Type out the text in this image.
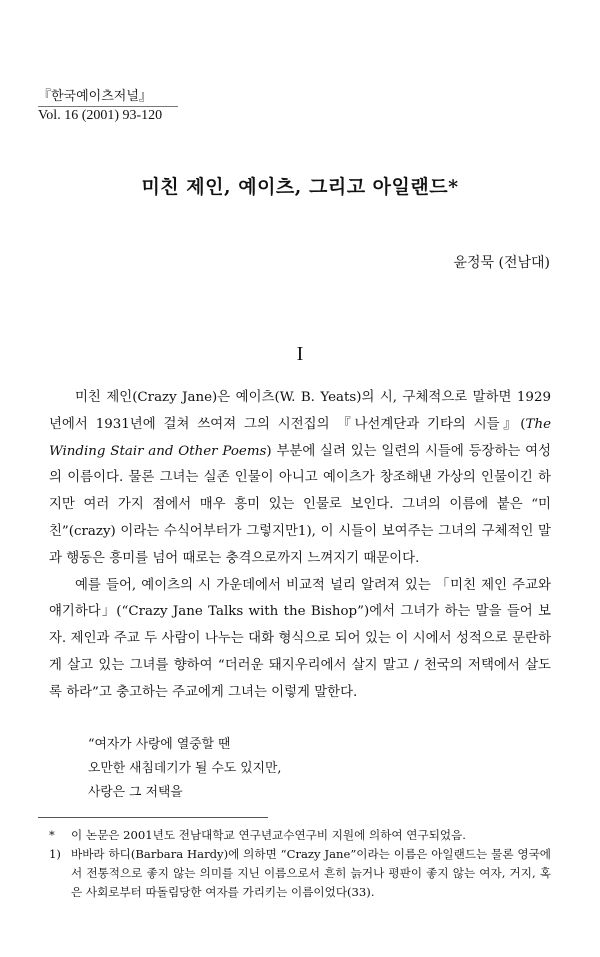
『한국예이츠저널』
Vol. 16 (2001) 93-120
미친 제인, 예이츠, 그리고 아일랜드*
윤정묵 (전남대)
I

미친 제인(Crazy Jane)은 예이츠(W. B. Yeats)의 시, 구체적으로 말하면 1929년에서 1931년에 걸쳐 쓰여져 그의 시전집의 『나선계단과 기타의 시들』(The Winding Stair and Other Poems) 부분에 실려 있는 일련의 시들에 등장하는 여성의 이름이다. 물론 그녀는 실존 인물이 아니고 예이츠가 창조해낸 가상의 인물이긴 하지만 여러 가지 점에서 매우 흥미 있는 인물로 보인다. 그녀의 이름에 붙은 “미친”(crazy) 이라는 수식어부터가 그렇지만1), 이 시들이 보여주는 그녀의 구체적인 말과 행동은 흥미를 넘어 때로는 충격으로까지 느껴지기 때문이다.

예를 들어, 예이츠의 시 가운데에서 비교적 널리 알려져 있는 「미친 제인 주교와 얘기하다」(“Crazy Jane Talks with the Bishop”)에서 그녀가 하는 말을 들어 보자. 제인과 주교 두 사람이 나누는 대화 형식으로 되어 있는 이 시에서 성적으로 문란하게 살고 있는 그녀를 향하여 “더러운 돼지우리에서 살지 말고 / 천국의 저택에서 살도록 하라”고 충고하는 주교에게 그녀는 이렇게 말한다.

“여자가 사랑에 열중할 땐
오만한 새침데기가 될 수도 있지만,
사랑은 그 저택을
* 이 논문은 2001년도 전남대학교 연구년교수연구비 지원에 의하여 연구되었음.
1) 바바라 하디(Barbara Hardy)에 의하면 “Crazy Jane”이라는 이름은 아일랜드는 물론 영국에서 전통적으로 좋지 않는 의미를 지닌 이름으로서 흔히 늙거나 평판이 좋지 않는 여자, 거지, 혹은 사회로부터 따돌림당한 여자를 가리키는 이름이었다(33).
